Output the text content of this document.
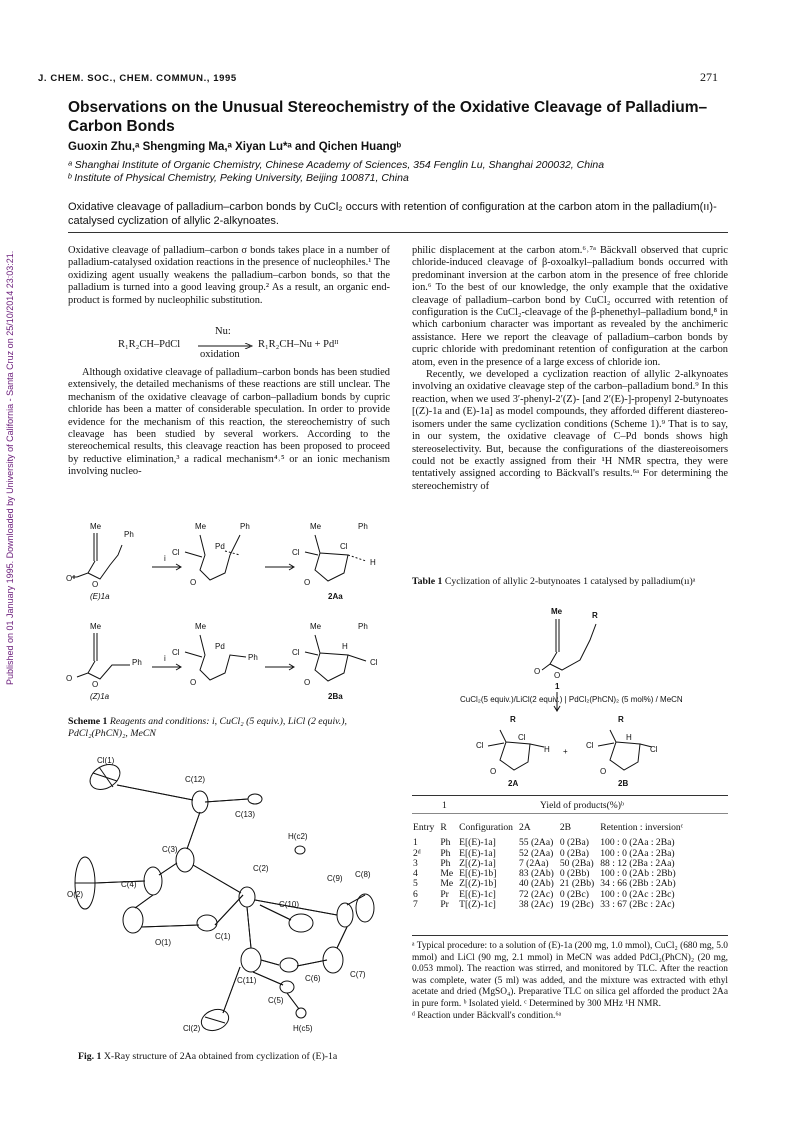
J. CHEM. SOC., CHEM. COMMUN., 1995	271
Published on 01 January 1995. Downloaded by University of California - Santa Cruz on 25/10/2014 23:03:21.
Observations on the Unusual Stereochemistry of the Oxidative Cleavage of Palladium–Carbon Bonds
Guoxin Zhu,ᵃ Shengming Ma,ᵃ Xiyan Lu*ᵃ and Qichen Huangᵇ
ᵃ Shanghai Institute of Organic Chemistry, Chinese Academy of Sciences, 354 Fenglin Lu, Shanghai 200032, China
ᵇ Institute of Physical Chemistry, Peking University, Beijing 100871, China
Oxidative cleavage of palladium–carbon bonds by CuCl₂ occurs with retention of configuration at the carbon atom in the palladium(ıı)-catalysed cyclization of allylic 2-alkynoates.

Oxidative cleavage of palladium–carbon σ bonds takes place in a number of palladium-catalysed oxidation reactions in the presence of nucleophiles.¹ The oxidizing agent usually weakens the palladium–carbon bonds, so that the palladium is turned into a good leaving group.² As a result, an organic end-product is formed by nucleophilic substitution.

R₁R₂CH–PdCl
Nu:
oxidation
R₁R₂CH–Nu + Pdᴵᴵ

Although oxidative cleavage of palladium–carbon bonds has been studied extensively, the detailed mechanisms of these reactions are still unclear. The mechanism of the oxidative cleavage of carbon–palladium bonds by cupric chloride has been a matter of considerable speculation. In order to provide evidence for the mechanism of this reaction, the stereochemistry of such cleavage has been studied by several workers. According to the stereochemical results, this cleavage reaction has been proposed to proceed by reductive elimination,³ a radical mechanism⁴˒⁵ or an ionic mechanism involving nucleo-

philic displacement at the carbon atom.⁶˒⁷ᵃ Bäckvall observed that cupric chloride-induced cleavage of β-oxoalkyl–palladium bonds occurred with predominant inversion at the carbon atom in the presence of free chloride ion.⁶ To the best of our knowledge, the only example that the oxidative cleavage of palladium–carbon bond by CuCl₂ occurred with retention of configuration is the CuCl₂-cleavage of the β-phenethyl–palladium bond,⁸ in which carbonium character was important as revealed by the anchimeric assistance. Here we report the cleavage of palladium–carbon bonds by cupric chloride with predominant retention of configuration at the carbon atom, even in the presence of a large excess of chloride ion.

Recently, we developed a cyclization reaction of allylic 2-alkynoates involving an oxidative cleavage step of the carbon–palladium bond.⁹ In this reaction, when we used 3′-phenyl-2′(Z)- [and 2′(E)-]-propenyl 2-butynoates [(Z)-1a and (E)-1a] as model compounds, they afforded different diastereo-isomers under the same cyclization conditions (Scheme 1).⁹ That is to say, in our system, the oxidative cleavage of C–Pd bonds shows high stereoselectivity. But, because the configurations of the diastereoisomers could not be exactly assigned from their ¹H NMR spectra, they were tentatively assigned according to Bäckvall's results.⁶ᵃ For determining the stereochemistry of

Me
Ph
O
O
i
Me	Ph
Cl
Pd
O
Me	Ph
Cl
Cl
H
O
(E)1a	2Aa
Me
Ph
O
O
i
Me
Cl
Pd
Ph
O
Me	Ph
Cl
H
Cl
O
(Z)1a	2Ba
Scheme 1 Reagents and conditions: i, CuCl₂ (5 equiv.), LiCl (2 equiv.), PdCl₂(PhCN)₂, MeCN
Cl(1)
C(12)
C(13)
H(c2)
C(3)
C(2)
C(9) C(8)
O(2)
C(4)
C(10)
O(1)
C(1)
C(11)	C(6)	C(7)
C(5)
H(c5)
Cl(2)
Fig. 1 X-Ray structure of 2Aa obtained from cyclization of (E)-1a
Table 1 Cyclization of allylic 2-butynoates 1 catalysed by palladium(ıı)ᵃ
Me	R
O O
1
CuCl₂(5 equiv.)/LiCl(2 equiv.) | PdCl₂(PhCN)₂ (5 mol%) / MeCN
R
Cl
Cl
H
O
2A
+
R
Cl
H
Cl
O
2B
1	Yield of products(%)ᵇ
Entry	R	Configuration	2A	2B	Retention : inversionᶜ

1	Ph	E[(E)-1a]	55 (2Aa)	0 (2Ba)	100 : 0 (2Aa : 2Ba)
2ᵈ	Ph	E[(E)-1a]	52 (2Aa)	0 (2Ba)	100 : 0 (2Aa : 2Ba)
3	Ph	Z[(Z)-1a]	7 (2Aa)	50 (2Ba)	88 : 12 (2Ba : 2Aa)
4	Me	E[(E)-1b]	83 (2Ab)	0 (2Bb)	100 : 0 (2Ab : 2Bb)
5	Me	Z[(Z)-1b]	40 (2Ab)	21 (2Bb)	34 : 66 (2Bb : 2Ab)
6	Pr	E[(E)-1c]	72 (2Ac)	0 (2Bc)	100 : 0 (2Ac : 2Bc)
7	Pr	T[(Z)-1c]	38 (2Ac)	19 (2Bc)	33 : 67 (2Bc : 2Ac)
ᵃ Typical procedure: to a solution of (E)-1a (200 mg, 1.0 mmol), CuCl₂ (680 mg, 5.0 mmol) and LiCl (90 mg, 2.1 mmol) in MeCN was added PdCl₂(PhCN)₂ (20 mg, 0.053 mmol). The reaction was stirred, and monitored by TLC. After the reaction was complete, water (5 ml) was added, and the mixture was extracted with ethyl acetate and dried (MgSO₄). Preparative TLC on silica gel afforded the product 2Aa in pure form. ᵇ Isolated yield. ᶜ Determined by 300 MHz ¹H NMR.
ᵈ Reaction under Bäckvall's condition.⁶ᵃ
